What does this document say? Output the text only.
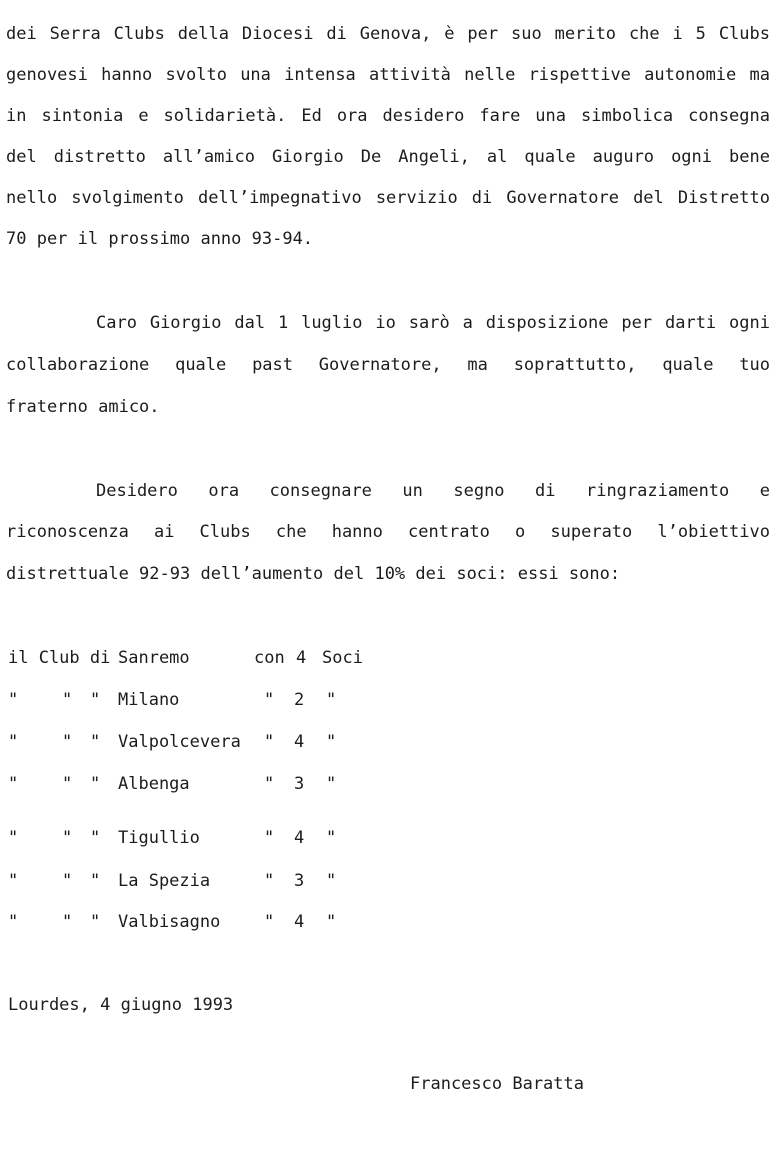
dei Serra Clubs della Diocesi di Genova, è per suo merito che i 5 Clubs
genovesi hanno svolto una intensa attività nelle rispettive autonomie ma
in sintonia e solidarietà. Ed ora desidero fare una simbolica consegna
del distretto all’amico Giorgio De Angeli, al quale auguro ogni bene
nello svolgimento dell’impegnativo servizio di Governatore del Distretto
70 per il prossimo anno 93-94.
Caro Giorgio dal 1 luglio io sarò a disposizione per darti ogni
collaborazione quale past Governatore, ma soprattutto, quale tuo
fraterno amico.
Desidero ora consegnare un segno di ringraziamento e
riconoscenza ai Clubs che hanno centrato o superato l’obiettivo
distrettuale 92-93 dell’aumento del 10% dei soci: essi sono:
il Club di Sanremo	con 4 Soci
"	" " Milano	" 2 "
"	" " Valpolcevera " 4 "
"	" " Albenga	" 3 "
"	" " Tigullio	" 4 "
"	" " La Spezia	" 3 "
"	" " Valbisagno	" 4 "
Lourdes, 4 giugno 1993
Francesco Baratta
